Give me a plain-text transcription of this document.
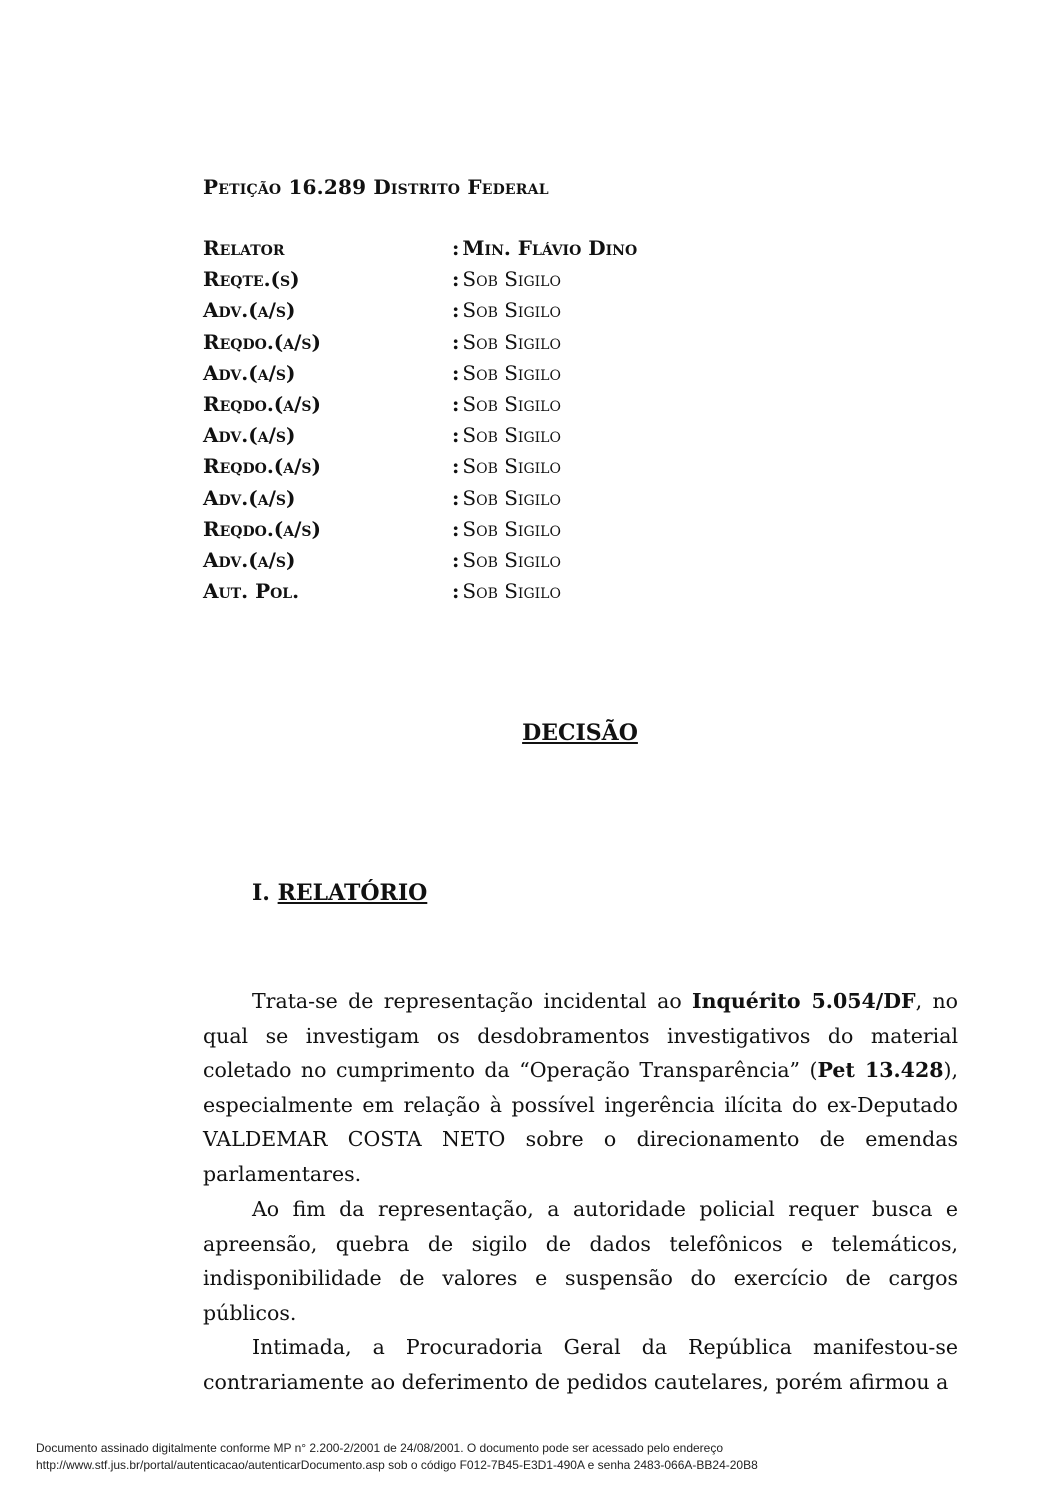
Petição 16.289 Distrito Federal
Relator	: Min. Flávio Dino
Reqte.(s)	: Sob Sigilo
Adv.(a/s)	: Sob Sigilo
Reqdo.(a/s)	: Sob Sigilo
Adv.(a/s)	: Sob Sigilo
Reqdo.(a/s)	: Sob Sigilo
Adv.(a/s)	: Sob Sigilo
Reqdo.(a/s)	: Sob Sigilo
Adv.(a/s)	: Sob Sigilo
Reqdo.(a/s)	: Sob Sigilo
Adv.(a/s)	: Sob Sigilo
Aut. Pol.	: Sob Sigilo
DECISÃO
I. RELATÓRIO
Trata-se de representação incidental ao Inquérito 5.054/DF, no qual se investigam os desdobramentos investigativos do material coletado no cumprimento da “Operação Transparência” (Pet 13.428), especialmente em relação à possível ingerência ilícita do ex-Deputado VALDEMAR COSTA NETO sobre o direcionamento de emendas parlamentares.
Ao fim da representação, a autoridade policial requer busca e apreensão, quebra de sigilo de dados telefônicos e telemáticos, indisponibilidade de valores e suspensão do exercício de cargos públicos.
Intimada, a Procuradoria Geral da República manifestou-se contrariamente ao deferimento de pedidos cautelares, porém afirmou a
Documento assinado digitalmente conforme MP n° 2.200-2/2001 de 24/08/2001. O documento pode ser acessado pelo endereço
http://www.stf.jus.br/portal/autenticacao/autenticarDocumento.asp sob o código F012-7B45-E3D1-490A e senha 2483-066A-BB24-20B8
